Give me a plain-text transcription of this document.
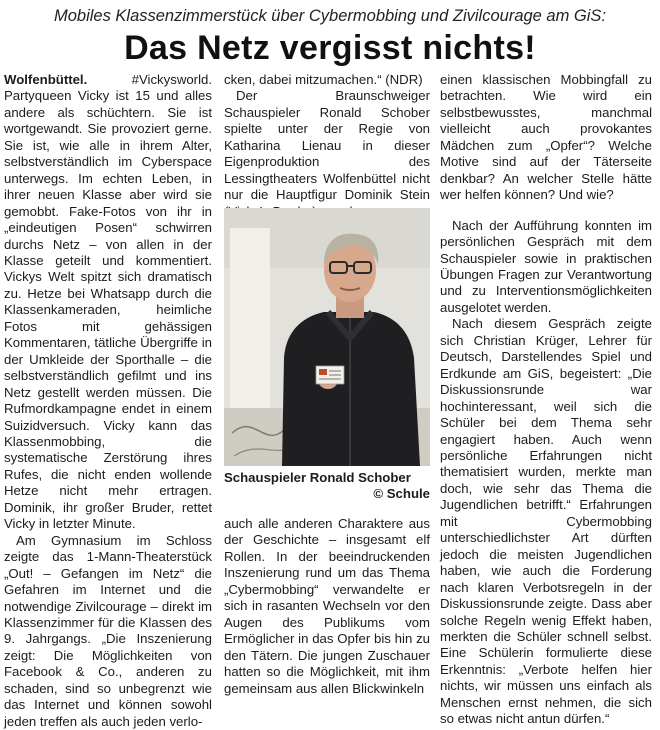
Mobiles Klassenzimmerstück über Cybermobbing und Zivilcourage am GiS:
Das Netz vergisst nichts!

Wolfenbüttel. #Vickysworld. Partyqueen Vicky ist 15 und alles andere als schüchtern. Sie ist wortgewandt. Sie provoziert gerne. Sie ist, wie alle in ihrem Alter, selbstverständlich im Cyberspace unterwegs. Im echten Leben, in ihrer neuen Klasse aber wird sie gemobbt. Fake-Fotos von ihr in „eindeutigen Posen“ schwirren durchs Netz – von allen in der Klasse geteilt und kommentiert. Vickys Welt spitzt sich dramatisch zu. Hetze bei Whatsapp durch die Klassenkameraden, heimliche Fotos mit gehässigen Kommentaren, tätliche Übergriffe in der Umkleide der Sporthalle – die selbstverständlich gefilmt und ins Netz gestellt werden müssen. Die Rufmordkampagne endet in einem Suizidversuch. Vicky kann das Klassenmobbing, die systematische Zerstörung ihres Rufes, die nicht enden wollende Hetze nicht mehr ertragen. Dominik, ihr großer Bruder, rettet Vicky in letzter Minute.

Am Gymnasium im Schloss zeigte das 1-Mann-Theaterstück „Out! – Gefangen im Netz“ die Gefahren im Internet und die notwendige Zivilcourage – direkt im Klassenzimmer für die Klassen des 9. Jahrgangs. „Die Inszenierung zeigt: Die Möglichkeiten von Facebook & Co., anderen zu schaden, sind so unbegrenzt wie das Internet und können sowohl jeden treffen als auch jeden verlo-

cken, dabei mitzumachen.“ (NDR)

Der Braunschweiger Schauspieler Ronald Schober spielte unter der Regie von Katharina Lienau in dieser Eigenproduktion des Lessingtheaters Wolfenbüttel nicht nur die Hauptfigur Dominik Stein

Schauspieler Ronald Schober
© Schule

auch alle anderen Charaktere aus der Geschichte – insgesamt elf Rollen. In der beeindruckenden Inszenierung rund um das Thema „Cybermobbing“ verwandelte er sich in rasanten Wechseln vor den Augen des Publikums vom Ermöglicher in das Opfer bis hin zu den Tätern. Die jungen Zuschauer hatten so die Möglichkeit, mit ihm gemeinsam aus allen Blickwinkeln

einen klassischen Mobbingfall zu betrachten. Wie wird ein selbstbewusstes, manchmal vielleicht auch provokantes Mädchen zum „Opfer“? Welche Motive sind auf der Täterseite denkbar? An welcher Stelle hätte wer helfen können? Und wie?

Nach der Aufführung konnten im persönlichen Gespräch mit dem Schauspieler sowie in praktischen Übungen Fragen zur Verantwortung und zu Interventionsmöglichkeiten ausgelotet werden.

Nach diesem Gespräch zeigte sich Christian Krüger, Lehrer für Deutsch, Darstellendes Spiel und Erdkunde am GiS, begeistert: „Die Diskussionsrunde war hochinteressant, weil sich die Schüler bei dem Thema sehr engagiert haben. Auch wenn persönliche Erfahrungen nicht thematisiert wurden, merkte man doch, wie sehr das Thema die Jugendlichen betrifft.“ Erfahrungen mit Cybermobbing unterschiedlichster Art dürften jedoch die meisten Jugendlichen haben, wie auch die Forderung nach klaren Verbotsregeln in der Diskussionsrunde zeigte. Dass aber solche Regeln wenig Effekt haben, merkten die Schüler schnell selbst. Eine Schülerin formulierte diese Erkenntnis: „Verbote helfen hier nichts, wir müssen uns einfach als Menschen ernst nehmen, die sich so etwas nicht antun dürfen.“
